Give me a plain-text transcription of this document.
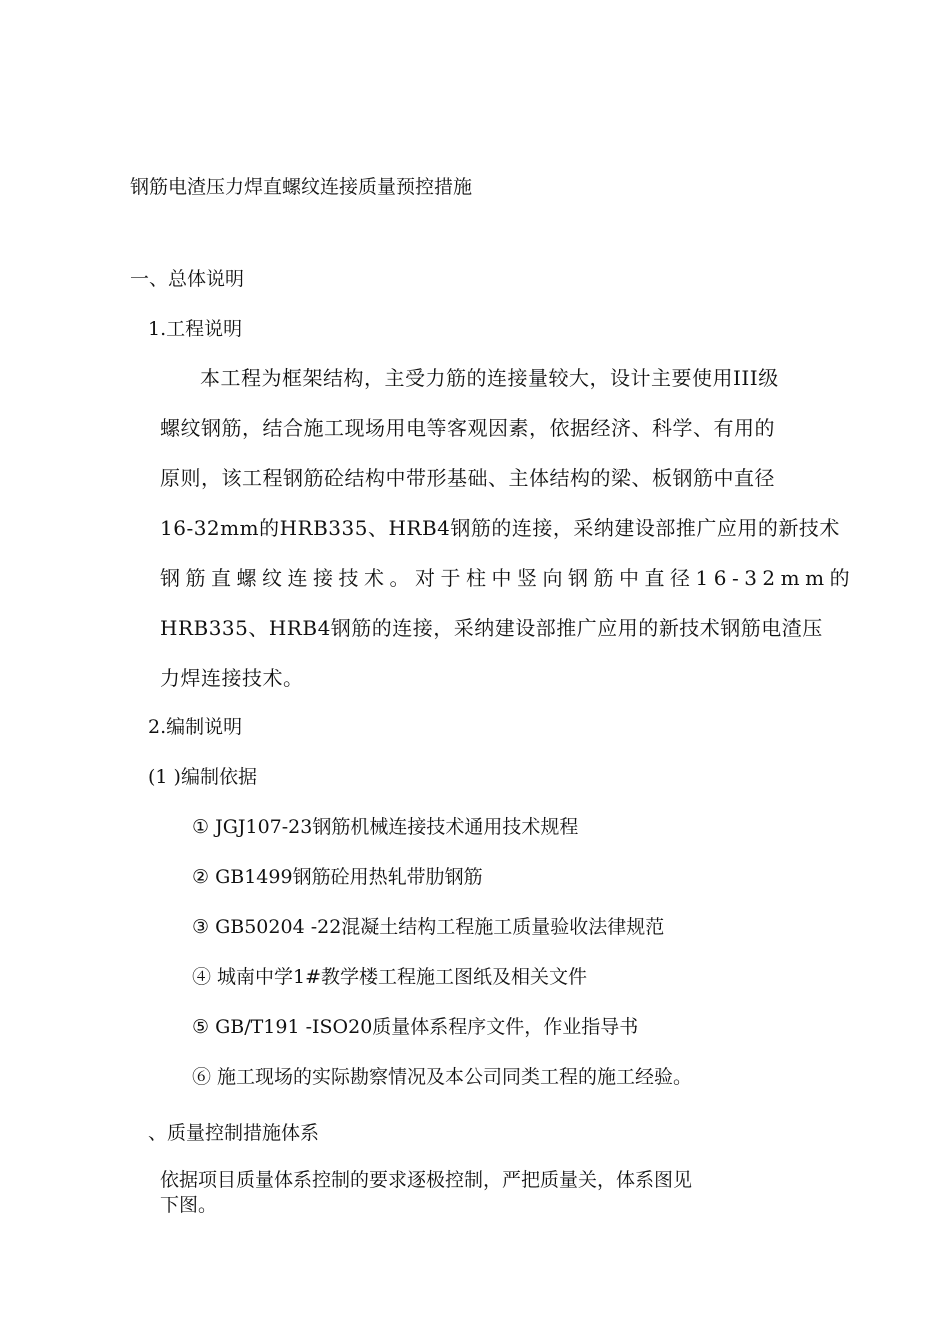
钢筋电渣压力焊直螺纹连接质量预控措施
一、总体说明
1.工程说明

本工程为框架结构，主受力筋的连接量较大，设计主要使用III级

螺纹钢筋，结合施工现场用电等客观因素，依据经济、科学、有用的

原则，该工程钢筋砼结构中带形基础、主体结构的梁、板钢筋中直径

16-32mm的HRB335、HRB4钢筋的连接，采纳建设部推广应用的新技术

钢筋直螺纹连接技术。对于柱中竖向钢筋中直径16-32mm的

HRB335、HRB4钢筋的连接，采纳建设部推广应用的新技术钢筋电渣压

力焊连接技术。

2.编制说明
(1 )编制依据

① JGJ107-23钢筋机械连接技术通用技术规程

② GB1499钢筋砼用热轧带肋钢筋

③ GB50204 -22混凝土结构工程施工质量验收法律规范

④ 城南中学1#教学楼工程施工图纸及相关文件

⑤ GB/T191 -ISO20质量体系程序文件，作业指导书

⑥ 施工现场的实际勘察情况及本公司同类工程的施工经验。

、质量控制措施体系

依据项目质量体系控制的要求逐极控制，严把质量关，体系图见

下图。
